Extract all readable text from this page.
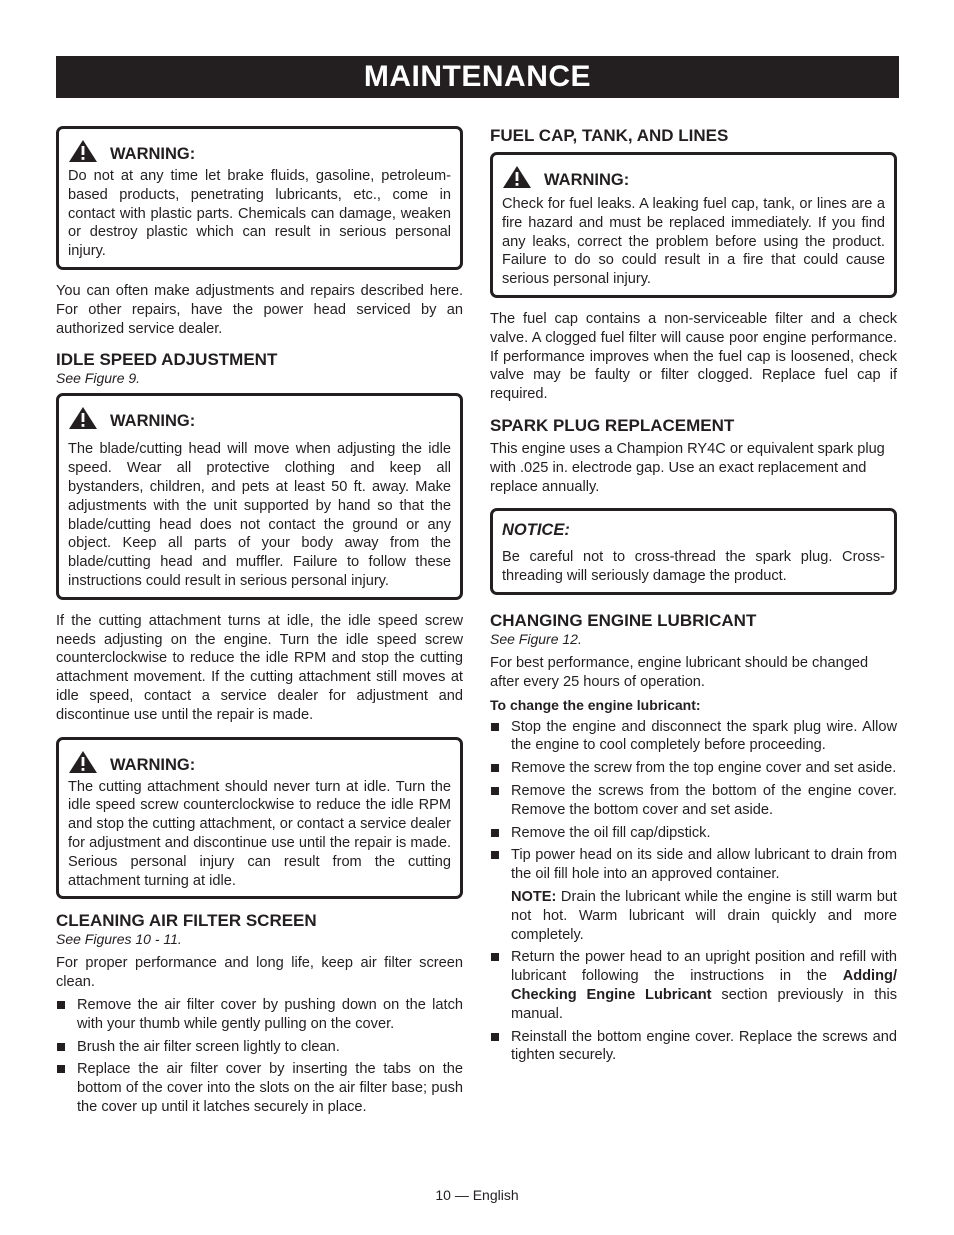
MAINTENANCE
WARNING:

Do not at any time let brake fluids, gasoline, petroleum-based products, penetrating lubricants, etc., come in contact with plastic parts. Chemicals can damage, weaken or destroy plastic which can result in serious personal injury.

You can often make adjustments and repairs described here. For other repairs, have the power head serviced by an authorized service dealer.

IDLE SPEED ADJUSTMENT

See Figure 9.

WARNING:

The blade/cutting head will move when adjusting the idle speed. Wear all protective clothing and keep all bystanders, children, and pets at least 50 ft. away. Make adjustments with the unit supported by hand so that the blade/cutting head does not contact the ground or any object. Keep all parts of your body away from the blade/cutting head and muffler. Failure to follow these instructions could result in serious personal injury.

If the cutting attachment turns at idle, the idle speed screw needs adjusting on the engine. Turn the idle speed screw counterclockwise to reduce the idle RPM and stop the cutting attachment movement. If the cutting attachment still moves at idle speed, contact a service dealer for adjustment and discontinue use until the repair is made.

WARNING:

The cutting attachment should never turn at idle. Turn the idle speed screw counterclockwise to reduce the idle RPM and stop the cutting attachment, or contact a service dealer for adjustment and discontinue use until the repair is made. Serious personal injury can result from the cutting attachment turning at idle.

CLEANING AIR FILTER SCREEN

See Figures 10 - 11.

For proper performance and long life, keep air filter screen clean.

Remove the air filter cover by pushing down on the latch with your thumb while gently pulling on the cover.
Brush the air filter screen lightly to clean.
Replace the air filter cover by inserting the tabs on the bottom of the cover into the slots on the air filter base; push the cover up until it latches securely in place.
FUEL CAP, TANK, AND LINES
WARNING:

Check for fuel leaks. A leaking fuel cap, tank, or lines are a fire hazard and must be replaced immediately. If you find any leaks, correct the problem before using the product. Failure to do so could result in a fire that could cause serious personal injury.

The fuel cap contains a non-serviceable filter and a check valve. A clogged fuel filter will cause poor engine performance. If performance improves when the fuel cap is loosened, check valve may be faulty or filter clogged. Replace fuel cap if required.

SPARK PLUG REPLACEMENT

This engine uses a Champion RY4C or equivalent spark plug with .025 in. electrode gap. Use an exact replacement and replace annually.

NOTICE:

Be careful not to cross-thread the spark plug. Cross-threading will seriously damage the product.

CHANGING ENGINE LUBRICANT

See Figure 12.

For best performance, engine lubricant should be changed after every 25 hours of operation.

To change the engine lubricant:
Stop the engine and disconnect the spark plug wire. Allow the engine to cool completely before proceeding.
Remove the screw from the top engine cover and set aside.
Remove the screws from the bottom of the engine cover. Remove the bottom cover and set aside.
Remove the oil fill cap/dipstick.
Tip power head on its side and allow lubricant to drain from the oil fill hole into an approved container.
NOTE: Drain the lubricant while the engine is still warm but not hot. Warm lubricant will drain quickly and more completely.
Return the power head to an upright position and refill with lubricant following the instructions in the Adding/ Checking Engine Lubricant section previously in this manual.
Reinstall the bottom engine cover. Replace the screws and tighten securely.
10 — English
